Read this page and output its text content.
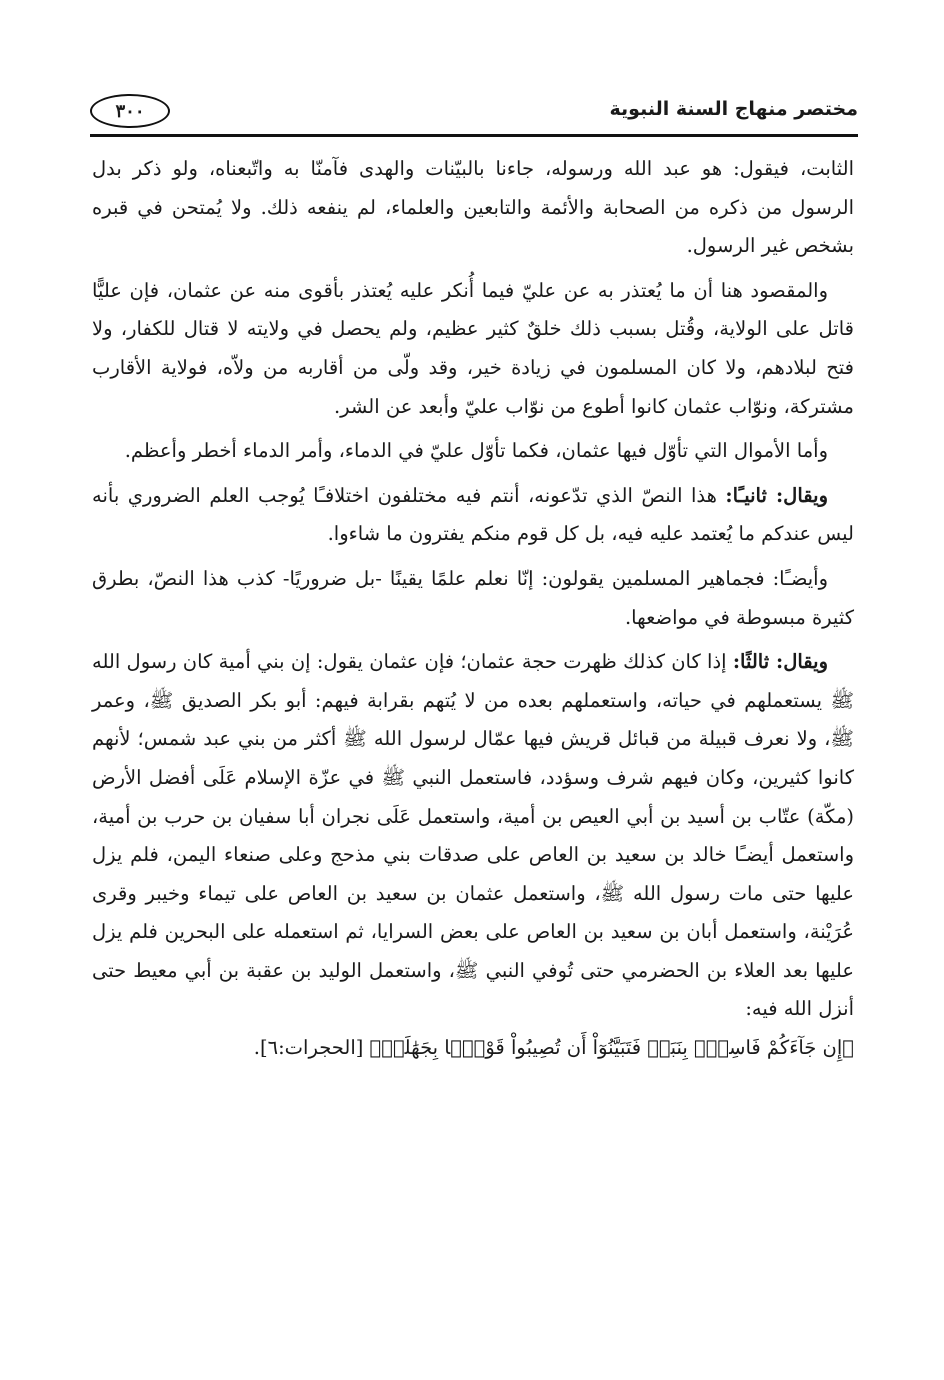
مختصر منهاج السنة النبوية
٣٠٠

الثابت، فيقول: هو عبد الله ورسوله، جاءنا بالبيّنات والهدى فآمنّا به واتّبعناه، ولو ذكر بدل الرسول من ذكره من الصحابة والأئمة والتابعين والعلماء، لم ينفعه ذلك. ولا يُمتحن في قبره بشخص غير الرسول.

والمقصود هنا أن ما يُعتذر به عن عليّ فيما أُنكر عليه يُعتذر بأقوى منه عن عثمان، فإن عليًّا قاتل على الولاية، وقُتل بسبب ذلك خلقٌ كثير عظيم، ولم يحصل في ولايته لا قتال للكفار، ولا فتح لبلادهم، ولا كان المسلمون في زيادة خير، وقد ولّى من أقاربه من ولاّه، فولاية الأقارب مشتركة، ونوّاب عثمان كانوا أطوع من نوّاب عليّ وأبعد عن الشر.

وأما الأموال التي تأوّل فيها عثمان، فكما تأوّل عليّ في الدماء، وأمر الدماء أخطر وأعظم.

ويقال: ثانيـًا: هذا النصّ الذي تدّعونه، أنتم فيه مختلفون اختلافـًا يُوجب العلم الضروري بأنه ليس عندكم ما يُعتمد عليه فيه، بل كل قوم منكم يفترون ما شاءوا.

وأيضـًا: فجماهير المسلمين يقولون: إنّا نعلم علمًا يقينًا -بل ضروريًا- كذب هذا النصّ، بطرق كثيرة مبسوطة في مواضعها.

ويقال: ثالثًا: إذا كان كذلك ظهرت حجة عثمان؛ فإن عثمان يقول: إن بني أمية كان رسول الله ﷺ يستعملهم في حياته، واستعملهم بعده من لا يُتهم بقرابة فيهم: أبو بكر الصديق ﷺ، وعمر ﷺ، ولا نعرف قبيلة من قبائل قريش فيها عمّال لرسول الله ﷺ أكثر من بني عبد شمس؛ لأنهم كانوا كثيرين، وكان فيهم شرف وسؤدد، فاستعمل النبي ﷺ في عزّة الإسلام عَلَى أفضل الأرض (مكّة) عتّاب بن أسيد بن أبي العيص بن أمية، واستعمل عَلَى نجران أبا سفيان بن حرب بن أمية، واستعمل أيضـًا خالد بن سعيد بن العاص على صدقات بني مذحج وعلى صنعاء اليمن، فلم يزل عليها حتى مات رسول الله ﷺ، واستعمل عثمان بن سعيد بن العاص على تيماء وخيبر وقرى عُرَيْنة، واستعمل أبان بن سعيد بن العاص على بعض السرايا، ثم استعمله على البحرين فلم يزل عليها بعد العلاء بن الحضرمي حتى تُوفي النبي ﷺ، واستعمل الوليد بن عقبة بن أبي معيط حتى أنزل الله فيه:
﴿إِن جَآءَكُمْ فَاسِقُۢ بِنَبَإٖ فَتَبَيَّنُوٓاْ أَن تُصِيبُواْ قَوْمَۢا بِجَهَٰلَةٖ﴾ [الحجرات:٦].
